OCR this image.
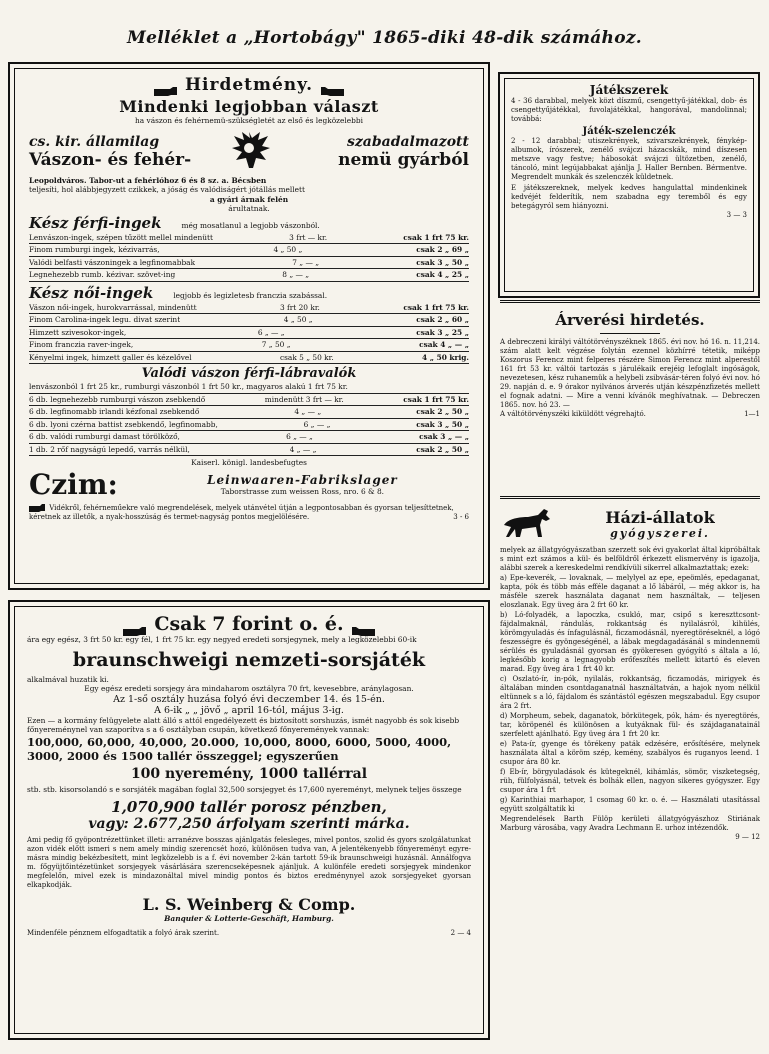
Melléklet a „Hortobágy" 1865-diki 48-dik számához.
Hirdetmény.
Mindenki legjobban választ
ha vászon és fehérnemü-szükségletét az első és legközelebbi
cs. kir. államilag
Vászon- és fehér-
szabadalmazott
nemü gyárból

Leopoldváros. Tabor-ut a fehérlóhoz 6 és 8 sz. a. Bécsben

teljesíti, hol alábbjegyzett czikkek, a jóság és valódiságért jótállás mellett

a gyári árnak felén

árultatnak.

Kész férfi-ingek	még mosatlanul a legjobb vászonból.
Lenvászon-ingek, szépen tűzött mellel mindenütt	3 frt — kr.	csak 1 frt 75 kr.
Finom rumburgi ingek, kézivarrás,	4 „ 50 „	csak 2 „ 69 „
Valódi belfasti vászoningek a legfinomabbak	7 „ — „	csak 3 „ 50 „
Legnehezebb rumb. kézivar. szövet-ing	8 „ — „	csak 4 „ 25 „
Kész női-ingek	legjobb és legizletesb franczia szabással.
Vászon női-ingek, hurokvarrással, mindenütt	3 frt 20 kr.	csak 1 frt 75 kr.
Finom Carolina-ingek legu. divat szerint	4 „ 50 „	csak 2 „ 60 „
Himzett szivesokor-ingek,	6 „ — „	csak 3 „ 25 „
Finom franczia raver-ingek,	7 „ 50 „	csak 4 „ — „
Kényelmi ingek, himzett galler és kézelővel	csak 5 „ 50 kr.	4 „ 50 krig.
Valódi vászon férfi-lábravalók
lenvászonból 1 frt 25 kr., rumburgi vászonból 1 frt 50 kr., magyaros alakú 1 frt 75 kr.
6 db. legnehezebb rumburgi vászon zsebkendő	mindenütt 3 frt — kr.	csak 1 frt 75 kr.
6 db. legfinomabb irlandi kézfonal zsebkendő	4 „ — „	csak 2 „ 50 „
6 db. lyoni czérna battist zsebkendő, legfinomabb,	6 „ — „	csak 3 „ 50 „
6 db. valódi rumburgi damast törölköző,	6 „ — „	csak 3 „ — „
1 db. 2 rőf nagyságú lepedő, varrás nélkül,	4 „ — „	csak 2 „ 50 „
Kaiserl. königl. landesbefugtes
Czim:	Leinwaaren-Fabrikslager
Taborstrasse zum weissen Ross, nro. 6 & 8.
Vidékről, fehérneműekre való megrendelések, melyek utánvétel útján a legpontosabban és gyorsan teljesíttetnek, kéretnek az illetők, a nyak-hosszúság és termet-nagyság pontos megjelölésére.	3 - 6
Csak 7 forint o. é.

ára egy egész, 3 frt 50 kr. egy fél, 1 frt 75 kr. egy negyed eredeti sorsjegynek, mely a legközelebbi 60-ik

braunschweigi nemzeti-sorsjáték

alkalmával huzatik ki.

Egy egész eredeti sorsjegy ára mindaharom osztályra 70 frt, kevesebbre, aránylagosan.

Az 1-ső osztály huzása folyó évi deczember 14. és 15-én.

A 6-ik „ „ jövő „ april 16-tól, május 3-ig.

Ezen — a kormány felügyelete alatt álló s attól engedélyezett és biztosított sorshuzás, ismét nagyobb és sok kisebb főnyereménynel van szaporítva s a 6 osztályban csupán, következő főnyeremények vannak:

100,000, 60,000, 40,000, 20.000, 10,000, 8000, 6000, 5000, 4000, 3000, 2000 és 1500 tallér összeggel; egyszerűen

100 nyeremény, 1000 tallérral

stb. stb. kisorsolandó s e sorsjáték magában foglal 32,500 sorsjegyet és 17,600 nyereményt, melynek teljes összege

1,070,900 tallér porosz pénzben,

vagy: 2.677,250 árfolyam szerinti márka.

Ami pedig fő gyöpontrézettünket illeti: arranézve bosszas ajánlgatás felesleges, mivel pontos, szolid és gyors szolgálatunkat azon vidék előtt ismeri s nem amely mindig szerencsét hozó, különösen tudva van, A jelentékenyebb főnyereményt egyre-másra mindig bekézbesített, mint legközelebb is a f. évi november 2-kán tartott 59-ik braunschweigi huzásnál. Annálfogva m. főgyüjtőintézetünket sorsjegyek vásárlására szerencseképesnek ajánljuk. A kulönféle eredeti sorsjegyek mindenkor megfelelőn, mivel ezek is mindazonáltal mivel mindig pontos és biztos eredménynyel azok sorsjegyeket gyorsan elkapkodják.

L. S. Weinberg & Comp.

Banquier & Lotterie-Geschäft, Hamburg.

Mindenféle pénznem elfogadtatik a folyó árak szerint.	2 — 4
Játékszerek

4 - 36 darabbal, melyek közt díszmű, csengettyű-játékkal, dob- és csengettyűjátékkal, fuvolajátékkal, hangorával, mandolinnal; továbbá:

Játék-szelenczék

2 - 12 darabbal; utiszekrények, szivarszekrények, fénykép-albumok, írószerek, zenélő svájczi házacskák, mind díszesen metszve vagy festve; hábosokát svájczi ültözetben, zenélő, táncoló, mint legújabbakat ajánlja J. Haller Bernben. Bérmentve. Megrendelt munkák és szelenczék küldetnek.

E játékszereknek, melyek kedves hangulattal mindenkinek kedvéjét felderítik, nem szabadna egy teremből és egy betegágyról sem hiányozni.

3 — 3

Árverési hirdetés.

A debreczeni királyi váltótörvényszéknek 1865. évi nov. hó 16. n. 11,214. szám alatt kelt végzése folytán ezennel közhírré tétetik, miképp Koszorus Ferencz mint felperes részére Simon Ferencz mint alperestől 161 frt 53 kr. váltói tartozás s járulékaik erejéig lefoglalt ingóságok, nevezetesen, kész ruhanemük a helybeli zsibvásár-téren folyó évi nov. hó 29. napján d. e. 9 órakor nyilvános árverés utján készpénzfizetés mellett el fognak adatni. — Mire a venni kívánók meghívatnak. — Debreczen 1865. nov. hó 23. —

A váltótörvényszéki kiküldött végrehajtó.	1—1
Házi-állatok
gyógyszerei.

melyek az állatgyógyászatban szerzett sok évi gyakorlat által kipróbáltak s mint ezt számos a kül- és belföldről érkezett elismervény is igazolja, alábbi szerek a kereskedelmi rendkívüli sikerrel alkalmaztattak; ezek:

a) Epe-keverék, — lovaknak, — melylyel az epe, epeömlés, epedaganat, kapta, pók és több más efféle daganat a lő lábáról, — még akkor is, ha másféle szerek használata daganat nem használtak, — teljesen eloszlanak. Egy üveg ára 2 frt 60 kr.

b) Ló-folyadék, a lapoczka, csukló, mar, csipő s kereszttcsont-fájdalmaknál, rándulás, rokkantság és nyilalásról, kihülés, körömgyuladás és ínfagulásnál, ficzamodásnál, nyeregtöréseknél, a lógó feszességre és gyöngeségénél, a lábak megdagadásánál s mindennemü sérülés és gyuladásnál gyorsan és gyökeresen gyógyító s általa a ló, legkésőbb korig a legnagyobb erőfeszítés mellett kitartó és eleven marad. Egy üveg ára 1 frt 40 kr.

c) Oszlató-ír, in-pók, nyilalás, rokkantság, ficzamodás, mirigyek és általában minden csontdaganatnál használtatván, a hajok nyom nélkül eltünnek s a ló, fájdalom és szántástól egészen megszabadul. Egy csupor ára 2 frt.

d) Morpheum, sebek, daganatok, börkütegek, pók, hám- és nyeregtörés, tar, köröpenél és különösen a kutyáknak fül- és szájdaganatainál szerfelett ajánlható. Egy üveg ára 1 frt 20 kr.

e) Pata-ír, gyenge és törékeny paták edzésére, erősítésére, melynek használata által a köröm szép, kemény, szabályos és ruganyos leend. 1 csupor ára 80 kr.

f) Eb-ír, börgyuladások és kütegeknél, kihámlás, sömör, viszketegség, rüh, fülfolyásnál, tetvek és bolhák ellen, nagyon sikeres gyógyszer. Egy csupor ára 1 frt

g) Karinthiai marhapor, 1 csomag 60 kr. o. é. — Használati utasítással együtt szolgáltatik ki

Megrendelések Barth Fülöp kerületi állatgyógyászhoz Stiriának Marburg városába, vagy Avadra Lechmann E. urhoz intézendők.

9 — 12
